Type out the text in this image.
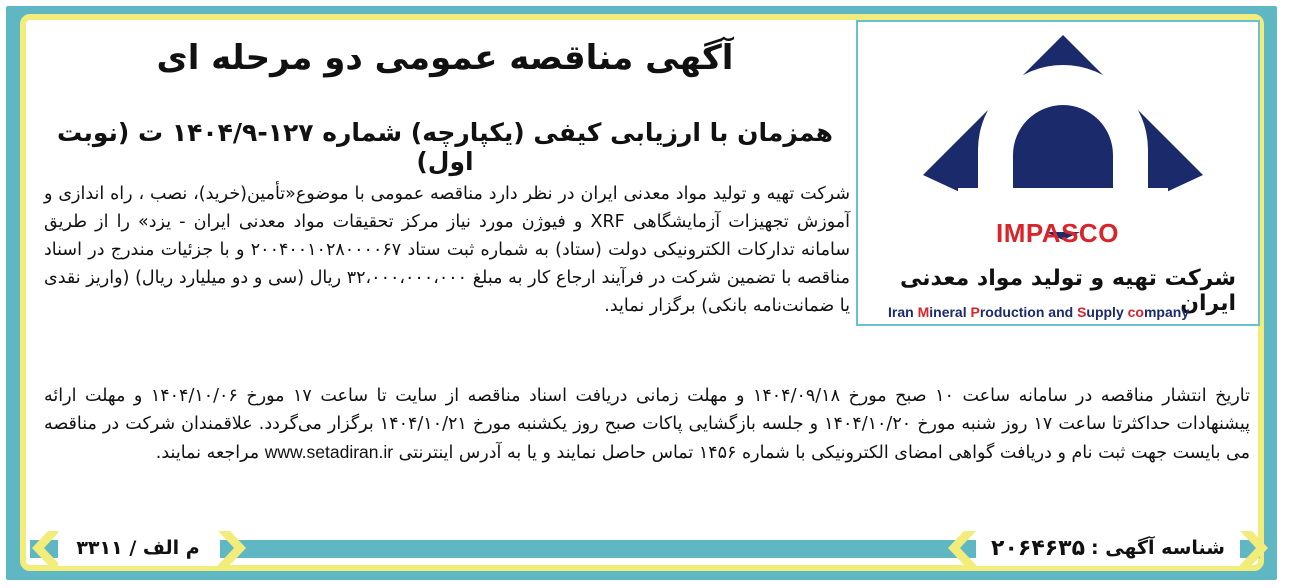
IMPASCO
شرکت تهیه و تولید مواد معدنی ایران
Iran Mineral Production and Supply company
آگهی مناقصه عمومی دو مرحله ای
همزمان با ارزیابی کیفی (یکپارچه) شماره ۱۲۷-۱۴۰۴/۹ ت (نوبت اول)
شرکت تهیه و تولید مواد معدنی ایران در نظر دارد مناقصه عمومی با موضوع«تأمین(خرید)، نصب ، راه اندازی و آموزش تجهیزات آزمایشگاهی XRF و فیوژن مورد نیاز مرکز تحقیقات مواد معدنی ایران - یزد» را از طریق سامانه تدارکات الکترونیکی دولت (ستاد) به شماره ثبت ستاد ۲۰۰۴۰۰۱۰۲۸۰۰۰۰۶۷ و با جزئیات مندرج در اسناد مناقصه با تضمین شرکت در فرآیند ارجاع کار به مبلغ ۳۲،۰۰۰،۰۰۰،۰۰۰ ریال (سی و دو میلیارد ریال) (واریز نقدی یا ضمانت‌نامه بانکی) برگزار نماید.
تاریخ انتشار مناقصه در سامانه ساعت ۱۰ صبح مورخ ۱۴۰۴/۰۹/۱۸ و مهلت زمانی دریافت اسناد مناقصه از سایت تا ساعت ۱۷ مورخ ۱۴۰۴/۱۰/۰۶ و مهلت ارائه پیشنهادات حداکثرتا ساعت ۱۷ روز شنبه مورخ ۱۴۰۴/۱۰/۲۰ و جلسه بازگشایی پاکات صبح روز یکشنبه مورخ ۱۴۰۴/۱۰/۲۱ برگزار می‌گردد. علاقمندان شرکت در مناقصه می بایست جهت ثبت نام و دریافت گواهی امضای الکترونیکی با شماره ۱۴۵۶ تماس حاصل نمایند و یا به آدرس اینترنتی www.setadiran.ir مراجعه نمایند.
شناسه آگهی :
۲۰۶۴۶۳۵
م الف / ۳۳۱۱
